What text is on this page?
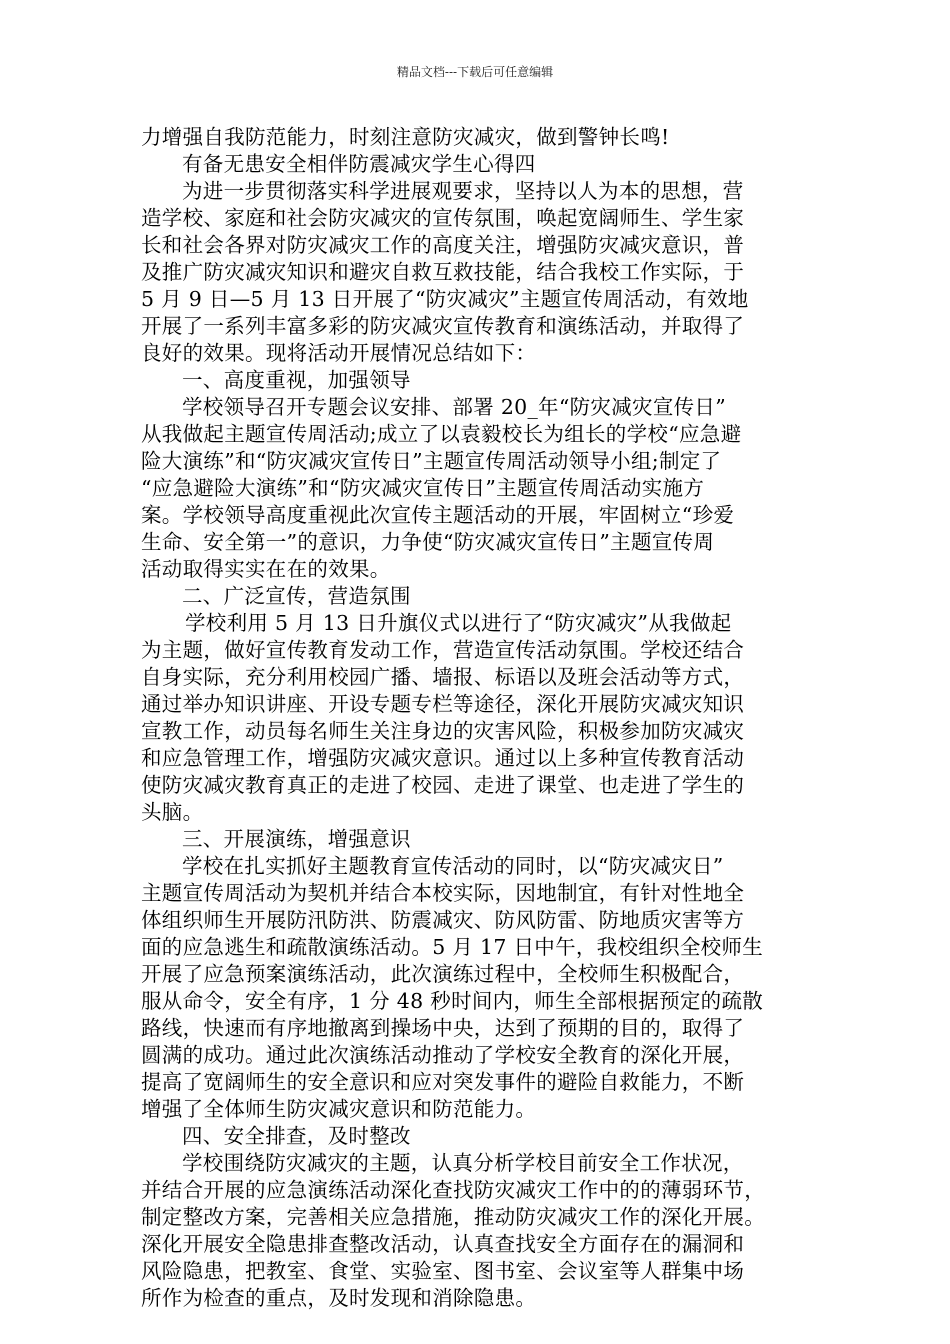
精品文档---下载后可任意编辑
力增强自我防范能力，时刻注意防灾减灾，做到警钟长鸣!
有备无患安全相伴防震减灾学生心得四
为进一步贯彻落实科学进展观要求，坚持以人为本的思想，营
造学校、家庭和社会防灾减灾的宣传氛围，唤起宽阔师生、学生家
长和社会各界对防灾减灾工作的高度关注，增强防灾减灾意识，普
及推广防灾减灾知识和避灾自救互救技能，结合我校工作实际，于
5 月 9 日—5 月 13 日开展了“防灾减灾”主题宣传周活动，有效地
开展了一系列丰富多彩的防灾减灾宣传教育和演练活动，并取得了
良好的效果。现将活动开展情况总结如下：
一、高度重视，加强领导
学校领导召开专题会议安排、部署 20_年“防灾减灾宣传日”
从我做起主题宣传周活动;成立了以袁毅校长为组长的学校“应急避
险大演练”和“防灾减灾宣传日”主题宣传周活动领导小组;制定了
“应急避险大演练”和“防灾减灾宣传日”主题宣传周活动实施方
案。学校领导高度重视此次宣传主题活动的开展，牢固树立“珍爱
生命、安全第一”的意识，力争使“防灾减灾宣传日”主题宣传周
活动取得实实在在的效果。
二、广泛宣传，营造氛围
学校利用 5 月 13 日升旗仪式以进行了“防灾减灾”从我做起
为主题，做好宣传教育发动工作，营造宣传活动氛围。学校还结合
自身实际，充分利用校园广播、墙报、标语以及班会活动等方式，
通过举办知识讲座、开设专题专栏等途径，深化开展防灾减灾知识
宣教工作，动员每名师生关注身边的灾害风险，积极参加防灾减灾
和应急管理工作，增强防灾减灾意识。通过以上多种宣传教育活动
使防灾减灾教育真正的走进了校园、走进了课堂、也走进了学生的
头脑。
三、开展演练，增强意识
学校在扎实抓好主题教育宣传活动的同时，以“防灾减灾日”
主题宣传周活动为契机并结合本校实际，因地制宜，有针对性地全
体组织师生开展防汛防洪、防震减灾、防风防雷、防地质灾害等方
面的应急逃生和疏散演练活动。5 月 17 日中午，我校组织全校师生
开展了应急预案演练活动，此次演练过程中，全校师生积极配合，
服从命令，安全有序，1 分 48 秒时间内，师生全部根据预定的疏散
路线，快速而有序地撤离到操场中央，达到了预期的目的，取得了
圆满的成功。通过此次演练活动推动了学校安全教育的深化开展，
提高了宽阔师生的安全意识和应对突发事件的避险自救能力，不断
增强了全体师生防灾减灾意识和防范能力。
四、安全排查，及时整改
学校围绕防灾减灾的主题，认真分析学校目前安全工作状况，
并结合开展的应急演练活动深化查找防灾减灾工作中的的薄弱环节，
制定整改方案，完善相关应急措施，推动防灾减灾工作的深化开展。
深化开展安全隐患排查整改活动，认真查找安全方面存在的漏洞和
风险隐患，把教室、食堂、实验室、图书室、会议室等人群集中场
所作为检查的重点，及时发现和消除隐患。
